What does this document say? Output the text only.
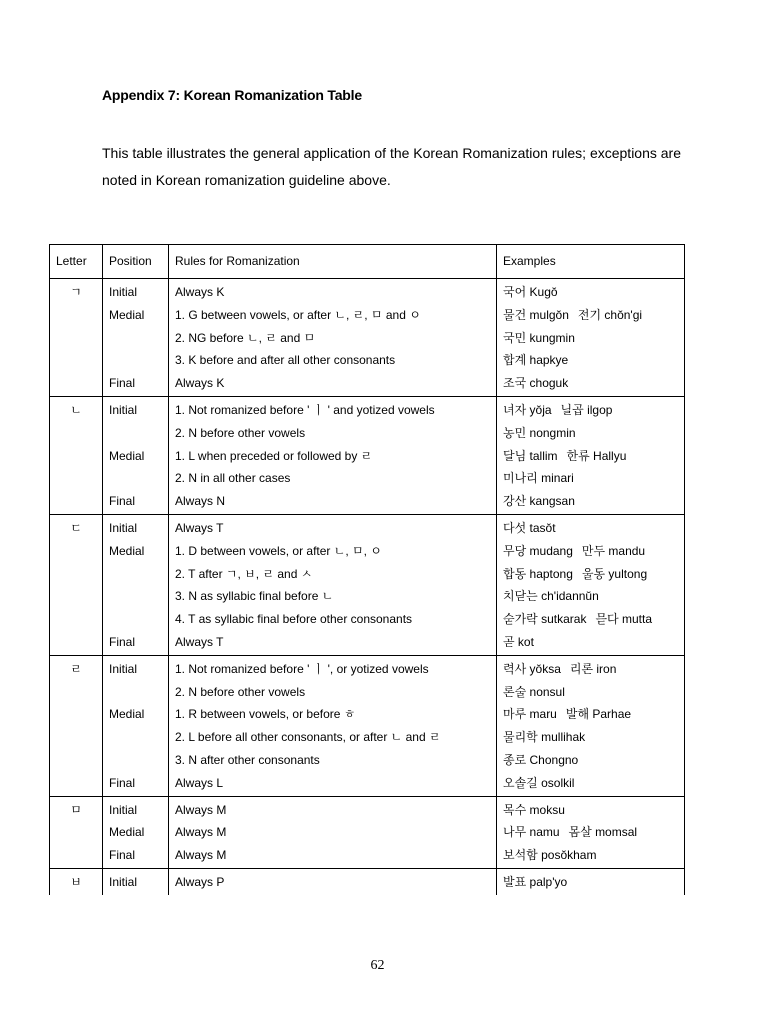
Appendix 7: Korean Romanization Table

This table illustrates the general application of the Korean Romanization rules; exceptions are noted in Korean romanization guideline above.

Letter	Position	Rules for Romanization	Examples
ㄱ	Initial	Always K	국어 Kugŏ
	Medial	1. G between vowels, or after ㄴ, ㄹ, ㅁ and ㅇ	물건 mulgŏn 전기 chŏn'gi
		2. NG before ㄴ, ㄹ and ㅁ	국민 kungmin
		3. K before and after all other consonants	합계 hapkye
	Final	Always K	조국 choguk
ㄴ	Initial	1. Not romanized before ' ㅣ ' and yotized vowels	녀자 yŏja 닐곱 ilgop
		2. N before other vowels	농민 nongmin
	Medial	1. L when preceded or followed by ㄹ	달님 tallim 한류 Hallyu
		2. N in all other cases	미나리 minari
	Final	Always N	강산 kangsan
ㄷ	Initial	Always T	다섯 tasŏt
	Medial	1. D between vowels, or after ㄴ, ㅁ, ㅇ	무당 mudang 만두 mandu
		2. T after ㄱ, ㅂ, ㄹ and ㅅ	합동 haptong 울동 yultong
		3. N as syllabic final before ㄴ	치닫는 ch'idannŭn
		4. T as syllabic final before other consonants	숟가락 sutkarak 믇다 mutta
	Final	Always T	곧 kot
ㄹ	Initial	1. Not romanized before ' ㅣ ', or yotized vowels	력사 yŏksa 리론 iron
		2. N before other vowels	론술 nonsul
	Medial	1. R between vowels, or before ㅎ	마루 maru 발해 Parhae
		2. L before all other consonants, or after ㄴ and ㄹ	물리학 mullihak
		3. N after other consonants	종로 Chongno
	Final	Always L	오솔길 osolkil
ㅁ	Initial	Always M	목수 moksu
	Medial	Always M	나무 namu 몸살 momsal
	Final	Always M	보석함 posŏkham
ㅂ	Initial	Always P	발표 palp'yo
62
